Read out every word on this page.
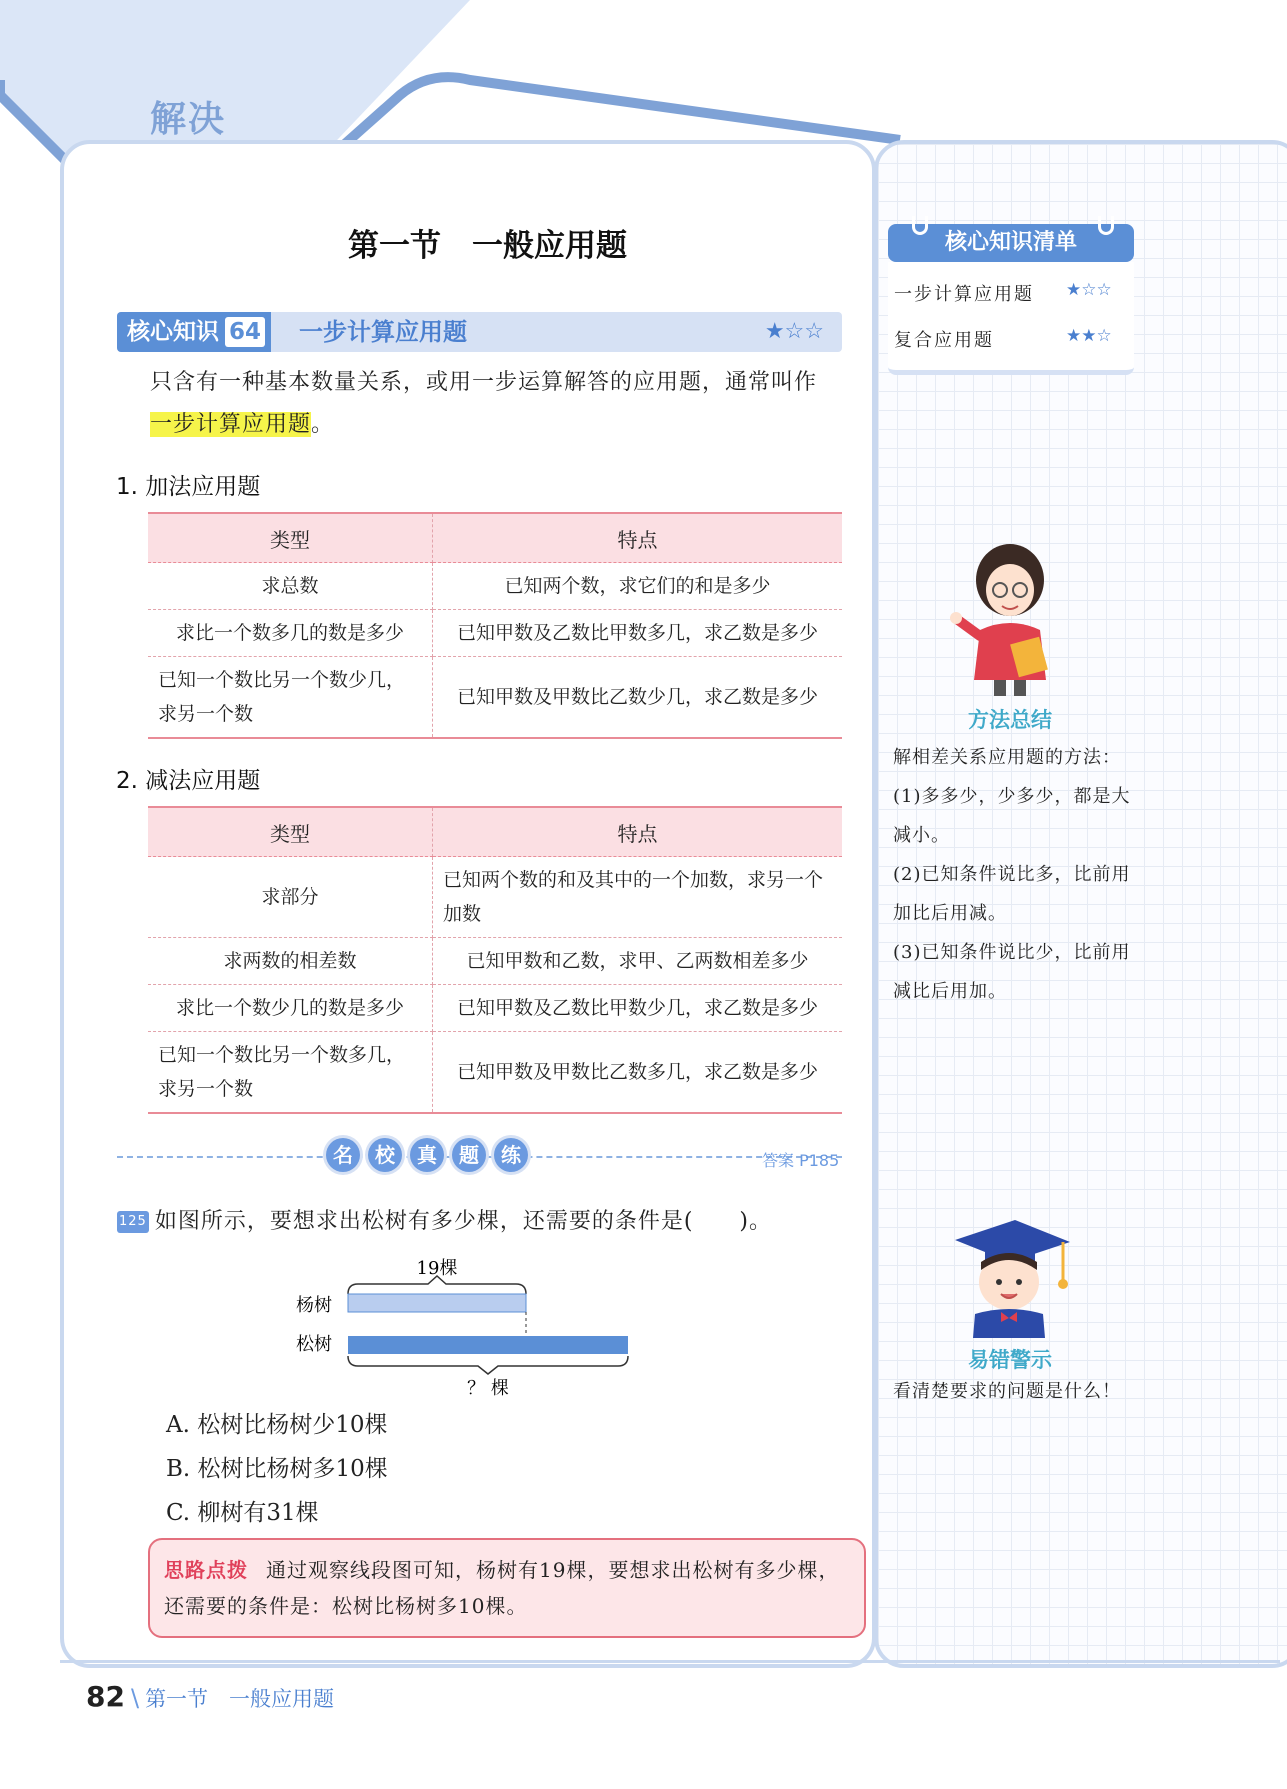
解决
第一节　一般应用题
核心知识 64	一步计算应用题	★☆☆
只含有一种基本数量关系，或用一步运算解答的应用题，通常叫作一步计算应用题。
1. 加法应用题
类型	特点
求总数	已知两个数，求它们的和是多少
求比一个数多几的数是多少	已知甲数及乙数比甲数多几，求乙数是多少
已知一个数比另一个数少几，求另一个数	已知甲数及甲数比乙数少几，求乙数是多少
2. 减法应用题
类型	特点
求部分	已知两个数的和及其中的一个加数，求另一个加数
求两数的相差数	已知甲数和乙数，求甲、乙两数相差多少
求比一个数少几的数是多少	已知甲数及乙数比甲数少几，求乙数是多少
已知一个数比另一个数多几，求另一个数	已知甲数及甲数比乙数多几，求乙数是多少
名	校	真	题	练	答案 P185
125 如图所示，要想求出松树有多少棵，还需要的条件是(　　)。
19棵
杨树
松树
？ 棵
A. 松树比杨树少10棵
B. 松树比杨树多10棵
C. 柳树有31棵
思路点拨 通过观察线段图可知，杨树有19棵，要想求出松树有多少棵，还需要的条件是：松树比杨树多10棵。
核心知识清单
一步计算应用题 ★☆☆
复合应用题	★★☆
方法总结
解相差关系应用题的方法：
(1)多多少，少多少，都是大减小。
(2)已知条件说比多，比前用加比后用减。
(3)已知条件说比少，比前用减比后用加。
易错警示
看清楚要求的问题是什么！
82 \ 第一节　一般应用题
